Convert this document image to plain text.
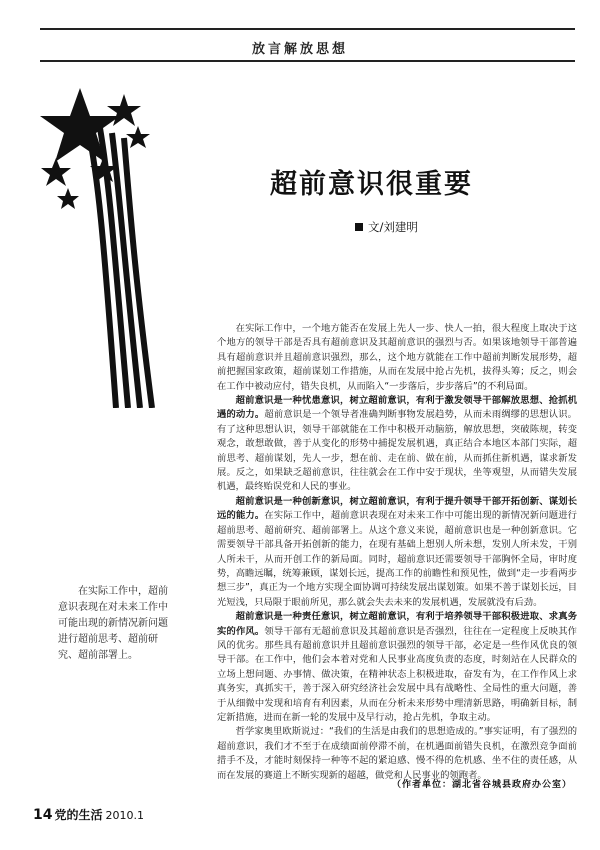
放言解放思想
超前意识很重要
文/刘建明

在实际工作中，一个地方能否在发展上先人一步、快人一拍，很大程度上取决于这个地方的领导干部是否具有超前意识及其超前意识的强烈与否。如果该地领导干部普遍具有超前意识并且超前意识强烈，那么，这个地方就能在工作中超前判断发展形势，超前把握国家政策，超前谋划工作措施，从而在发展中抢占先机，拔得头筹；反之，则会在工作中被动应付，错失良机，从而陷入“一步落后，步步落后”的不利局面。

超前意识是一种忧患意识，树立超前意识，有利于激发领导干部解放思想、抢抓机遇的动力。超前意识是一个领导者准确判断事物发展趋势，从而未雨绸缪的思想认识。有了这种思想认识，领导干部就能在工作中积极开动脑筋，解放思想，突破陈规，转变观念，敢想敢做，善于从变化的形势中捕捉发展机遇，真正结合本地区本部门实际，超前思考、超前谋划，先人一步，想在前、走在前、做在前，从而抓住新机遇，谋求新发展。反之，如果缺乏超前意识，往往就会在工作中安于现状，坐等观望，从而错失发展机遇，最终贻误党和人民的事业。

超前意识是一种创新意识，树立超前意识，有利于提升领导干部开拓创新、谋划长远的能力。在实际工作中，超前意识表现在对未来工作中可能出现的新情况新问题进行超前思考、超前研究、超前部署上。从这个意义来说，超前意识也是一种创新意识。它需要领导干部具备开拓创新的能力，在现有基础上想别人所未想，发别人所未发，干别人所未干，从而开创工作的新局面。同时，超前意识还需要领导干部胸怀全局，审时度势，高瞻远瞩，统筹兼顾，谋划长远，提高工作的前瞻性和预见性，做到“走一步看两步想三步”，真正为一个地方实现全面协调可持续发展出谋划策。如果不善于谋划长远，目光短浅，只局限于眼前所见，那么就会失去未来的发展机遇，发展就没有后劲。

超前意识是一种责任意识，树立超前意识，有利于培养领导干部积极进取、求真务实的作风。领导干部有无超前意识及其超前意识是否强烈，往往在一定程度上反映其作风的优劣。那些具有超前意识并且超前意识强烈的领导干部，必定是一些作风优良的领导干部。在工作中，他们会本着对党和人民事业高度负责的态度，时刻站在人民群众的立场上想问题、办事情、做决策，在精神状态上积极进取，奋发有为，在工作作风上求真务实，真抓实干，善于深入研究经济社会发展中具有战略性、全局性的重大问题，善于从细微中发现和培育有利因素，从而在分析未来形势中理清新思路，明确新目标，制定新措施，进而在新一轮的发展中及早行动，抢占先机，争取主动。

哲学家奥里欧斯说过：“我们的生活是由我们的思想造成的。”事实证明，有了强烈的超前意识，我们才不至于在成绩面前停滞不前，在机遇面前错失良机，在激烈竞争面前措手不及，才能时刻保持一种等不起的紧迫感、慢不得的危机感、坐不住的责任感，从而在发展的赛道上不断实现新的超越，做党和人民事业的领跑者。

（作者单位：湖北省谷城县政府办公室）

在实际工作中，超前意识表现在对未来工作中可能出现的新情况新问题进行超前思考、超前研究、超前部署上。

14 党的生活 2010.1
